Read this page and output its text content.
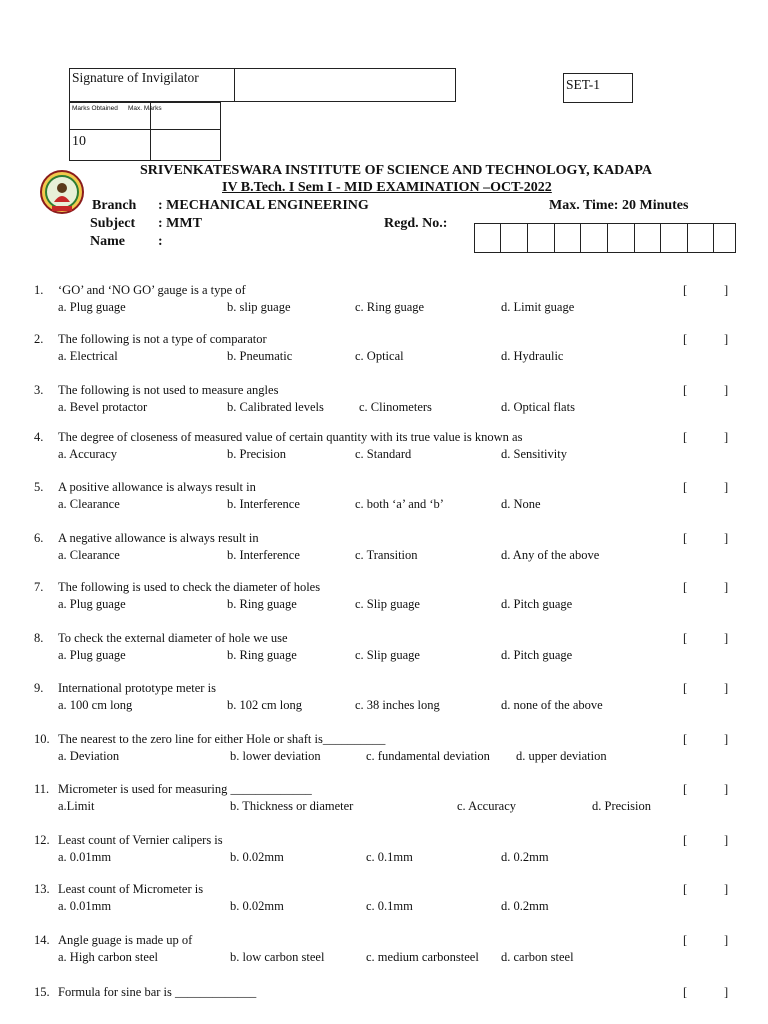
Signature of Invigilator	SET-1
Marks Obtained Max. Marks
10
SRIVENKATESWARA INSTITUTE OF SCIENCE AND TECHNOLOGY, KADAPA
IV B.Tech. I Sem I - MID EXAMINATION –OCT-2022
Branch : MECHANICAL ENGINEERING	Max. Time: 20 Minutes
Subject : MMT	Regd. No.:
Name :
1. ‘GO’ and ‘NO GO’ gauge is a type of	[	]
a. Plug guage	b. slip guage	c. Ring guage	d. Limit guage
2. The following is not a type of comparator	[	]
a. Electrical	b. Pneumatic	c. Optical	d. Hydraulic
3. The following is not used to measure angles	[	]
a. Bevel protactor	b. Calibrated levels	c. Clinometers	d. Optical flats
4. The degree of closeness of measured value of certain quantity with its true value is known as	[	]
a. Accuracy	b. Precision	c. Standard	d. Sensitivity
5. A positive allowance is always result in	[	]
a. Clearance	b. Interference	c. both ‘a’ and ‘b’	d. None
6. A negative allowance is always result in	[	]
a. Clearance	b. Interference	c. Transition	d. Any of the above
7. The following is used to check the diameter of holes	[	]
a. Plug guage	b. Ring guage	c. Slip guage	d. Pitch guage
8. To check the external diameter of hole we use	[	]
a. Plug guage	b. Ring guage	c. Slip guage	d. Pitch guage
9. International prototype meter is	[	]
a. 100 cm long	b. 102 cm long	c. 38 inches long	d. none of the above
10. The nearest to the zero line for either Hole or shaft is__________	[	]
a. Deviation	b. lower deviation	c. fundamental deviation d. upper deviation
11. Micrometer is used for measuring _____________	[	]
a.Limit	b. Thickness or diameter	c. Accuracy	d. Precision
12. Least count of Vernier calipers is	[	]
a. 0.01mm	b. 0.02mm	c. 0.1mm	d. 0.2mm
13. Least count of Micrometer is	[	]
a. 0.01mm	b. 0.02mm	c. 0.1mm	d. 0.2mm
14. Angle guage is made up of	[	]
a. High carbon steel	b. low carbon steel	c. medium carbonsteel d. carbon steel
15. Formula for sine bar is _____________	[	]
